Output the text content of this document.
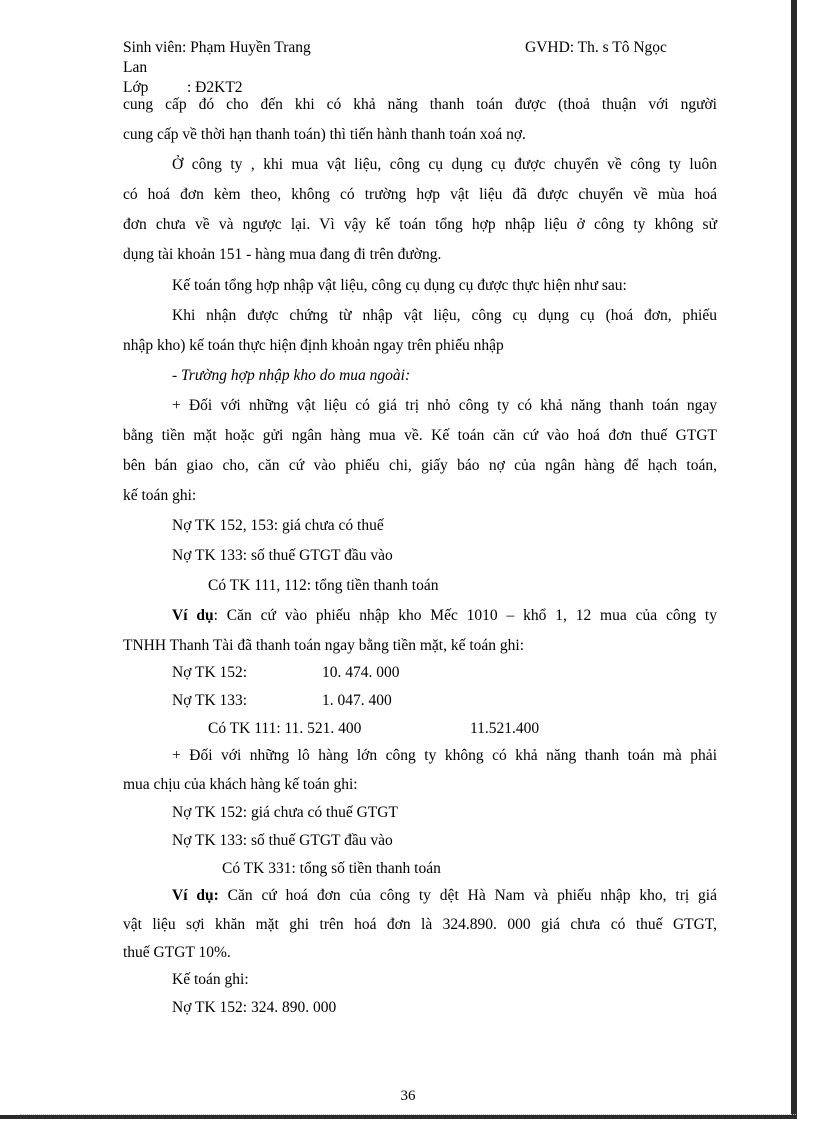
Sinh viên: Phạm Huyền Trang	GVHD: Th. s Tô Ngọc
Lan
Lớp : Đ2KT2
cung cấp đó cho đến khi có khả năng thanh toán được (thoả thuận với người
cung cấp về thời hạn thanh toán) thì tiến hành thanh toán xoá nợ.
Ở công ty , khi mua vật liệu, công cụ dụng cụ được chuyển về công ty luôn
có hoá đơn kèm theo, không có trường hợp vật liệu đã được chuyển về mùa hoá
đơn chưa về và ngược lại. Vì vậy kế toán tổng hợp nhập liệu ở công ty không sử
dụng tài khoản 151 - hàng mua đang đi trên đường.
Kế toán tổng hợp nhập vật liệu, công cụ dụng cụ được thực hiện như sau:
Khi nhận được chứng từ nhập vật liệu, công cụ dụng cụ (hoá đơn, phiếu
nhập kho) kế toán thực hiện định khoản ngay trên phiếu nhập
- Trường hợp nhập kho do mua ngoài:
+ Đối với những vật liệu có giá trị nhỏ công ty có khả năng thanh toán ngay
bằng tiền mặt hoặc gửi ngân hàng mua về. Kế toán căn cứ vào hoá đơn thuế GTGT
bên bán giao cho, căn cứ vào phiếu chi, giấy báo nợ của ngân hàng để hạch toán,
kế toán ghi:
Nợ TK 152, 153: giá chưa có thuế
Nợ TK 133: số thuế GTGT đầu vào
Có TK 111, 112: tổng tiền thanh toán
Ví dụ: Căn cứ vào phiếu nhập kho Mếc 1010 – khổ 1, 12 mua của công ty
TNHH Thanh Tài đã thanh toán ngay bằng tiền mặt, kế toán ghi:
Nợ TK 152:	10. 474. 000
Nợ TK 133:	1. 047. 400
Có TK 111: 11. 521. 400	11.521.400
+ Đối với những lô hàng lớn công ty không có khả năng thanh toán mà phải
mua chịu của khách hàng kế toán ghi:
Nợ TK 152: giá chưa có thuế GTGT
Nợ TK 133: số thuế GTGT đầu vào
Có TK 331: tổng số tiền thanh toán
Ví dụ: Căn cứ hoá đơn của công ty dệt Hà Nam và phiếu nhập kho, trị giá
vật liệu sợi khăn mặt ghi trên hoá đơn là 324.890. 000 giá chưa có thuế GTGT,
thuế GTGT 10%.
Kế toán ghi:
Nợ TK 152: 324. 890. 000
36
